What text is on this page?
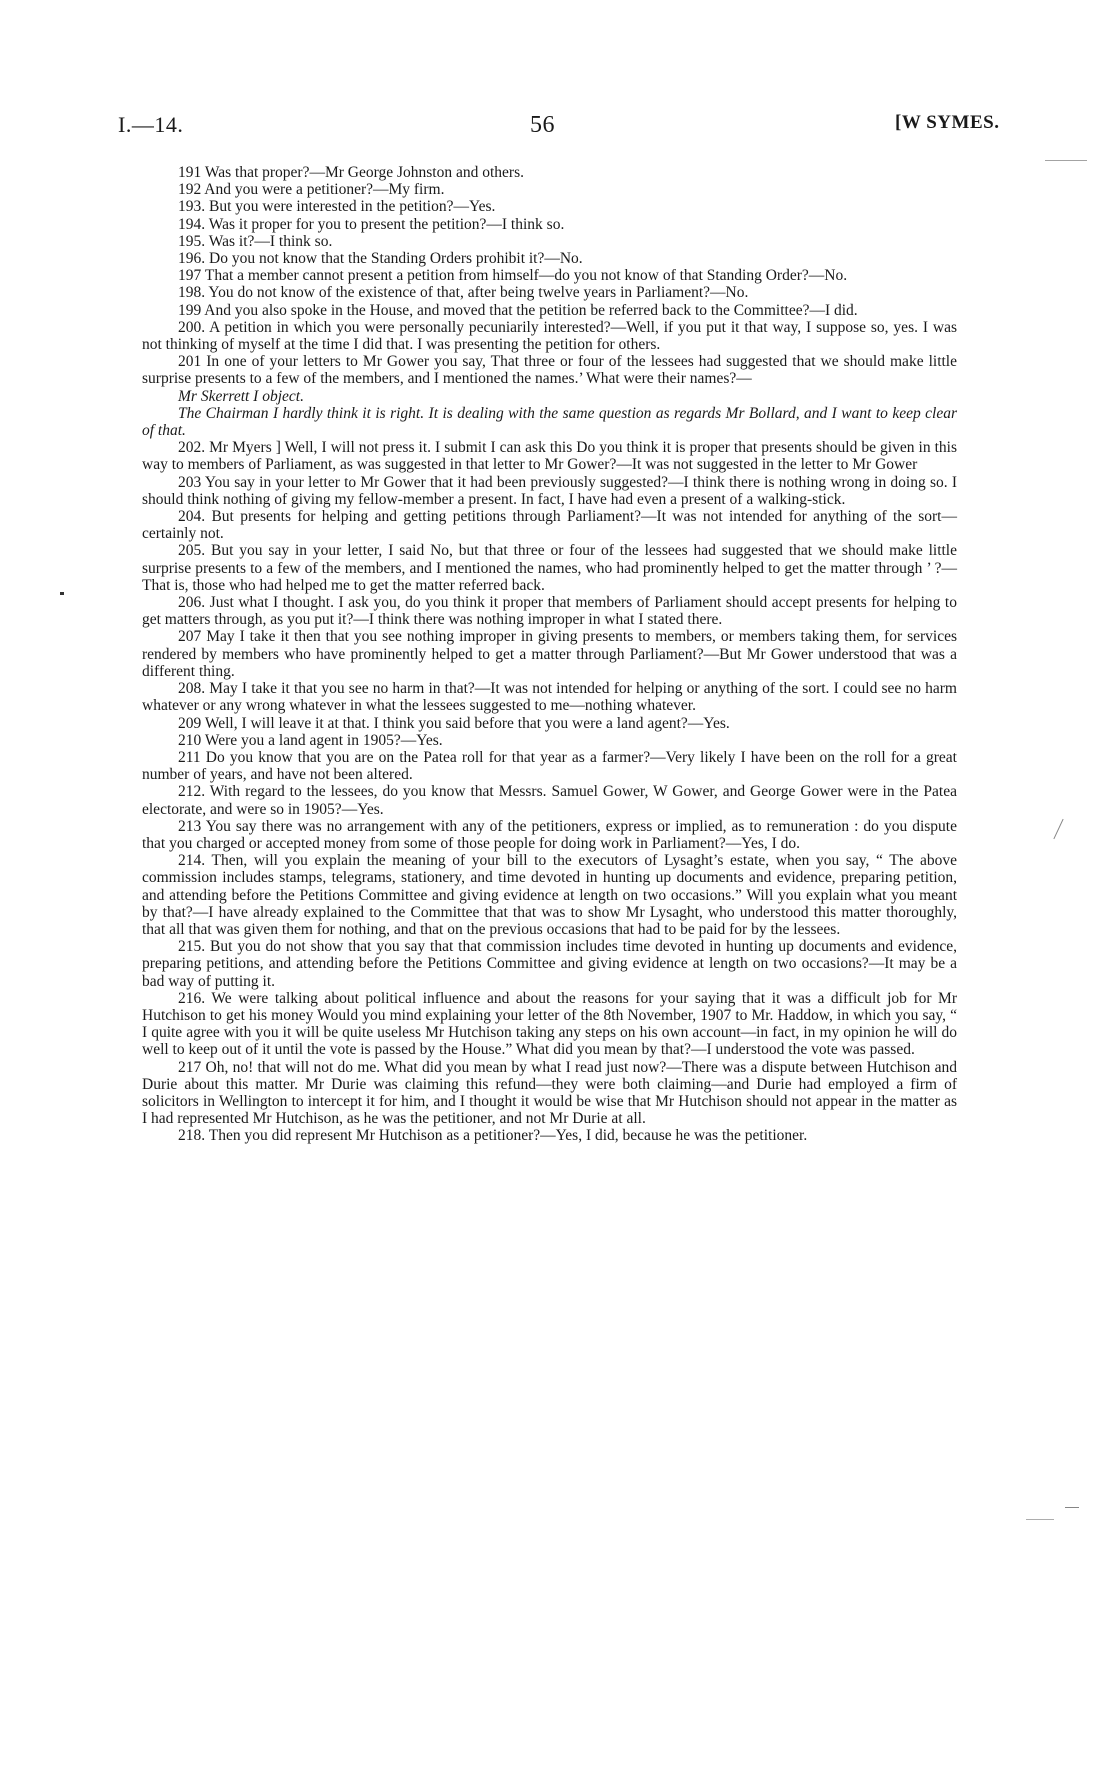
I.—14.	56	[W SYMES.

191 Was that proper?—Mr George Johnston and others.

192 And you were a petitioner?—My firm.

193. But you were interested in the petition?—Yes.

194. Was it proper for you to present the petition?—I think so.

195. Was it?—I think so.

196. Do you not know that the Standing Orders prohibit it?—No.

197 That a member cannot present a petition from himself—do you not know of that Standing Order?—No.

198. You do not know of the existence of that, after being twelve years in Parliament?—No.

199 And you also spoke in the House, and moved that the petition be referred back to the Committee?—I did.

200. A petition in which you were personally pecuniarily interested?—Well, if you put it that way, I suppose so, yes. I was not thinking of myself at the time I did that. I was presenting the petition for others.

201 In one of your letters to Mr Gower you say, That three or four of the lessees had suggested that we should make little surprise presents to a few of the members, and I mentioned the names.’ What were their names?—

Mr Skerrett I object.

The Chairman I hardly think it is right. It is dealing with the same question as regards Mr Bollard, and I want to keep clear of that.

202. Mr Myers ] Well, I will not press it. I submit I can ask this Do you think it is proper that presents should be given in this way to members of Parliament, as was suggested in that letter to Mr Gower?—It was not suggested in the letter to Mr Gower

203 You say in your letter to Mr Gower that it had been previously suggested?—I think there is nothing wrong in doing so. I should think nothing of giving my fellow-member a present. In fact, I have had even a present of a walking-stick.

204. But presents for helping and getting petitions through Parliament?—It was not intended for anything of the sort—certainly not.

205. But you say in your letter, I said No, but that three or four of the lessees had suggested that we should make little surprise presents to a few of the members, and I mentioned the names, who had prominently helped to get the matter through ’ ?—That is, those who had helped me to get the matter referred back.

206. Just what I thought. I ask you, do you think it proper that members of Parliament should accept presents for helping to get matters through, as you put it?—I think there was nothing improper in what I stated there.

207 May I take it then that you see nothing improper in giving presents to members, or members taking them, for services rendered by members who have prominently helped to get a matter through Parliament?—But Mr Gower understood that was a different thing.

208. May I take it that you see no harm in that?—It was not intended for helping or anything of the sort. I could see no harm whatever or any wrong whatever in what the lessees suggested to me—nothing whatever.

209 Well, I will leave it at that. I think you said before that you were a land agent?—Yes.

210 Were you a land agent in 1905?—Yes.

211 Do you know that you are on the Patea roll for that year as a farmer?—Very likely I have been on the roll for a great number of years, and have not been altered.

212. With regard to the lessees, do you know that Messrs. Samuel Gower, W Gower, and George Gower were in the Patea electorate, and were so in 1905?—Yes.

213 You say there was no arrangement with any of the petitioners, express or implied, as to remuneration : do you dispute that you charged or accepted money from some of those people for doing work in Parliament?—Yes, I do.

214. Then, will you explain the meaning of your bill to the executors of Lysaght’s estate, when you say, “ The above commission includes stamps, telegrams, stationery, and time devoted in hunting up documents and evidence, preparing petition, and attending before the Petitions Committee and giving evidence at length on two occasions.” Will you explain what you meant by that?—I have already explained to the Committee that that was to show Mr Lysaght, who understood this matter thoroughly, that all that was given them for nothing, and that on the previous occasions that had to be paid for by the lessees.

215. But you do not show that you say that that commission includes time devoted in hunting up documents and evidence, preparing petitions, and attending before the Petitions Committee and giving evidence at length on two occasions?—It may be a bad way of putting it.

216. We were talking about political influence and about the reasons for your saying that it was a difficult job for Mr Hutchison to get his money Would you mind explaining your letter of the 8th November, 1907 to Mr. Haddow, in which you say, “ I quite agree with you it will be quite useless Mr Hutchison taking any steps on his own account—in fact, in my opinion he will do well to keep out of it until the vote is passed by the House.” What did you mean by that?—I understood the vote was passed.

217 Oh, no! that will not do me. What did you mean by what I read just now?—There was a dispute between Hutchison and Durie about this matter. Mr Durie was claiming this refund—they were both claiming—and Durie had employed a firm of solicitors in Wellington to intercept it for him, and I thought it would be wise that Mr Hutchison should not appear in the matter as I had represented Mr Hutchison, as he was the petitioner, and not Mr Durie at all.

218. Then you did represent Mr Hutchison as a petitioner?—Yes, I did, because he was the petitioner.
